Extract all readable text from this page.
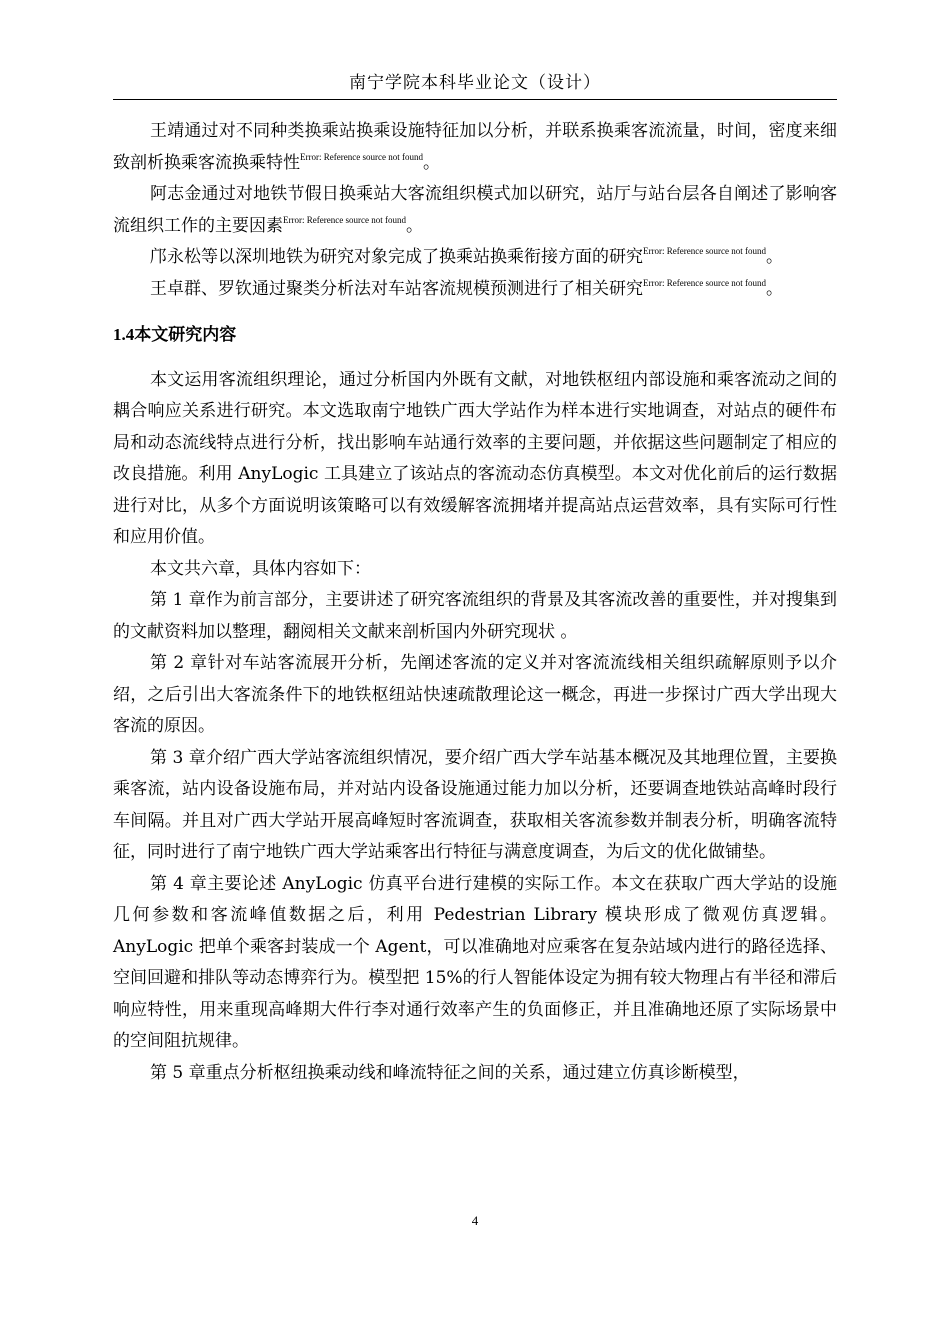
南宁学院本科毕业论文（设计）

王靖通过对不同种类换乘站换乘设施特征加以分析，并联系换乘客流流量，时间，密度来细致剖析换乘客流换乘特性$^{Error: Reference source not found}$。

阿志金通过对地铁节假日换乘站大客流组织模式加以研究，站厅与站台层各自阐述了影响客流组织工作的主要因素$^{Error: Reference source not found}$。

邝永松等以深圳地铁为研究对象完成了换乘站换乘衔接方面的研究$^{Error: Reference source not found}$。

王卓群、罗钦通过聚类分析法对车站客流规模预测进行了相关研究$^{Error: Reference source not found}$。

1.4本文研究内容

本文运用客流组织理论，通过分析国内外既有文献，对地铁枢纽内部设施和乘客流动之间的耦合响应关系进行研究。本文选取南宁地铁广西大学站作为样本进行实地调查，对站点的硬件布局和动态流线特点进行分析，找出影响车站通行效率的主要问题，并依据这些问题制定了相应的改良措施。利用 AnyLogic 工具建立了该站点的客流动态仿真模型。本文对优化前后的运行数据进行对比，从多个方面说明该策略可以有效缓解客流拥堵并提高站点运营效率，具有实际可行性和应用价值。

本文共六章，具体内容如下：

第 1 章作为前言部分，主要讲述了研究客流组织的背景及其客流改善的重要性，并对搜集到的文献资料加以整理，翻阅相关文献来剖析国内外研究现状 。

第 2 章针对车站客流展开分析，先阐述客流的定义并对客流流线相关组织疏解原则予以介绍，之后引出大客流条件下的地铁枢纽站快速疏散理论这一概念，再进一步探讨广西大学出现大客流的原因。

第 3 章介绍广西大学站客流组织情况，要介绍广西大学车站基本概况及其地理位置，主要换乘客流，站内设备设施布局，并对站内设备设施通过能力加以分析，还要调查地铁站高峰时段行车间隔。并且对广西大学站开展高峰短时客流调查，获取相关客流参数并制表分析，明确客流特征，同时进行了南宁地铁广西大学站乘客出行特征与满意度调查，为后文的优化做铺垫。

第 4 章主要论述 AnyLogic 仿真平台进行建模的实际工作。本文在获取广西大学站的设施几何参数和客流峰值数据之后，利用 Pedestrian Library 模块形成了微观仿真逻辑。AnyLogic 把单个乘客封装成一个 Agent，可以准确地对应乘客在复杂站域内进行的路径选择、空间回避和排队等动态博弈行为。模型把 15%的行人智能体设定为拥有较大物理占有半径和滞后响应特性，用来重现高峰期大件行李对通行效率产生的负面修正，并且准确地还原了实际场景中的空间阻抗规律。

第 5 章重点分析枢纽换乘动线和峰流特征之间的关系，通过建立仿真诊断模型，

4
